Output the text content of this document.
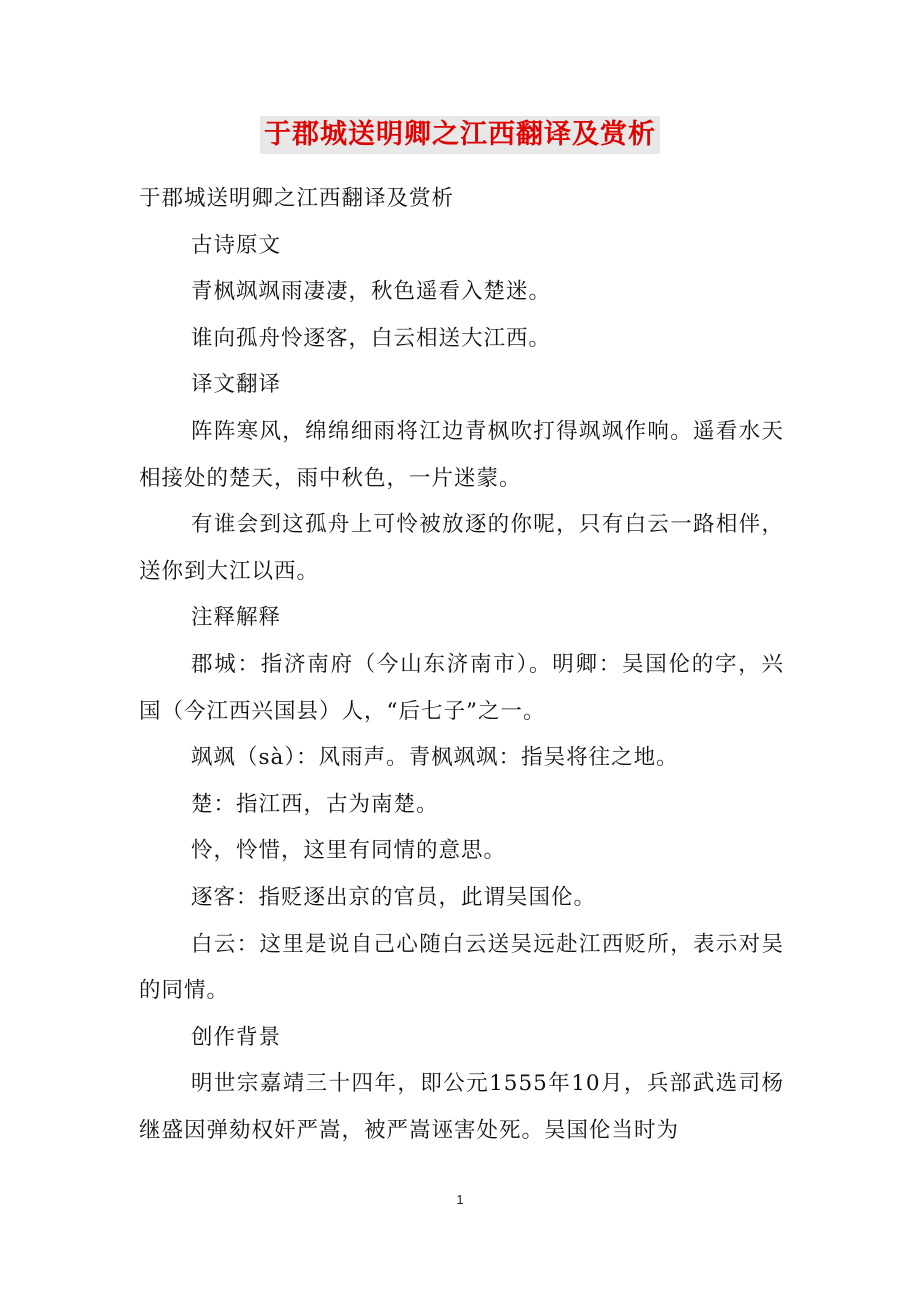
于郡城送明卿之江西翻译及赏析

于郡城送明卿之江西翻译及赏析

古诗原文

青枫飒飒雨凄凄，秋色遥看入楚迷。

谁向孤舟怜逐客，白云相送大江西。

译文翻译

阵阵寒风，绵绵细雨将江边青枫吹打得飒飒作响。遥看水天相接处的楚天，雨中秋色，一片迷蒙。

有谁会到这孤舟上可怜被放逐的你呢，只有白云一路相伴，送你到大江以西。

注释解释

郡城：指济南府（今山东济南市）。明卿：吴国伦的字，兴国（今江西兴国县）人，“后七子”之一。

飒飒（sà）：风雨声。青枫飒飒：指吴将往之地。

楚：指江西，古为南楚。

怜，怜惜，这里有同情的意思。

逐客：指贬逐出京的官员，此谓吴国伦。

白云：这里是说自己心随白云送吴远赴江西贬所，表示对吴的同情。

创作背景

明世宗嘉靖三十四年，即公元1555年10月，兵部武选司杨继盛因弹劾权奸严嵩，被严嵩诬害处死。吴国伦当时为

1
